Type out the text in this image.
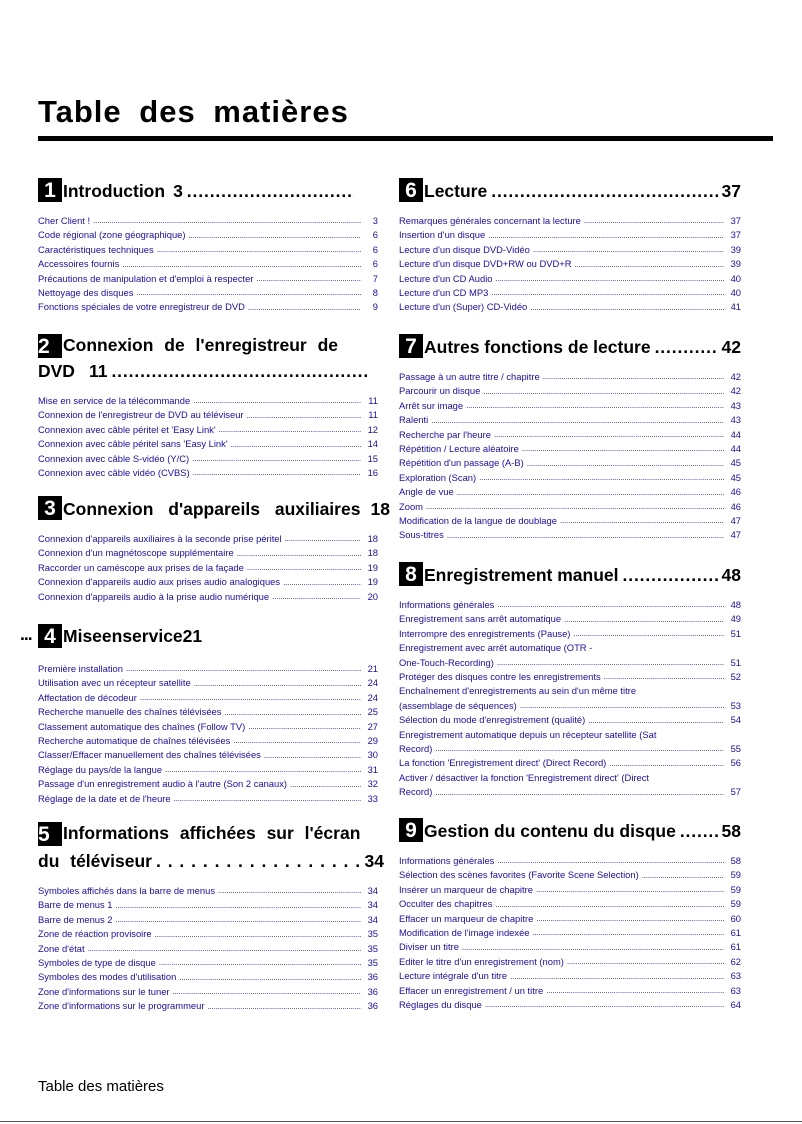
Table des matières
1 Introduction 3
. . .
Cher Client ! . . .	3
Code régional (zone géographique) . . .	6
Caractéristiques techniques . . .	6
Accessoires fournis . . .	6
Précautions de manipulation et d'emploi à respecter . . .	7
Nettoyage des disques . . .	8
Fonctions spéciales de votre enregistreur de DVD . . .	9
2 Connexion de l'enregistreur de
DVD 11
. . .
Mise en service de la télécommande . . .	11
Connexion de l'enregistreur de DVD au téléviseur . . .	11
Connexion avec câble péritel et 'Easy Link' . . .	12
Connexion avec câble péritel sans 'Easy Link' . . .	14
Connexion avec câble S-vidéo (Y/C) . . .	15
Connexion avec câble vidéo (CVBS) . . .	16
3 Connexion d'appareils auxiliaires 18
Connexion d'appareils auxiliaires à la seconde prise péritel . . .	18
Connexion d'un magnétoscope supplémentaire . . .	18
Raccorder un caméscope aux prises de la façade . . .	19
Connexion d'appareils audio aux prises audio analogiques . . .	19
Connexion d'appareils audio à la prise audio numérique . . .	20
... 4 Miseenservice21
Première installation . . .	21
Utilisation avec un récepteur satellite . . .	24
Affectation de décodeur . . .	24
Recherche manuelle des chaînes télévisées . . .	25
Classement automatique des chaînes (Follow TV) . . .	27
Recherche automatique de chaînes télévisées . . .	29
Classer/Effacer manuellement des chaînes télévisées . . .	30
Réglage du pays/de la langue . . .	31
Passage d'un enregistrement audio à l'autre (Son 2 canaux) . . .	32
Réglage de la date et de l'heure . . .	33
5 Informations affichées sur l'écran
du téléviseur . . .	34
Symboles affichés dans la barre de menus . . .	34
Barre de menus 1 . . .	34
Barre de menus 2 . . .	34
Zone de réaction provisoire . . .	35
Zone d'état . . .	35
Symboles de type de disque . . .	35
Symboles des modes d'utilisation . . .	36
Zone d'informations sur le tuner . . .	36
Zone d'informations sur le programmeur . . .	36
6 Lecture . . .	37
Remarques générales concernant la lecture . . .	37
Insertion d'un disque . . .	37
Lecture d'un disque DVD-Vidéo . . .	39
Lecture d'un disque DVD+RW ou DVD+R . . .	39
Lecture d'un CD Audio . . .	40
Lecture d'un CD MP3 . . .	40
Lecture d'un (Super) CD-Vidéo . . .	41
7 Autres fonctions de lecture . . .	42
Passage à un autre titre / chapitre . . .	42
Parcourir un disque . . .	42
Arrêt sur image . . .	43
Ralenti . . .	43
Recherche par l'heure . . .	44
Répétition / Lecture aléatoire . . .	44
Répétition d'un passage (A-B) . . .	45
Exploration (Scan) . . .	45
Angle de vue . . .	46
Zoom . . .	46
Modification de la langue de doublage . . .	47
Sous-titres . . .	47
8 Enregistrement manuel . . .	48
Informations générales . . .	48
Enregistrement sans arrêt automatique . . .	49
Interrompre des enregistrements (Pause) . . .	51
Enregistrement avec arrêt automatique (OTR -
One-Touch-Recording) . . .	51
Protéger des disques contre les enregistrements . . .	52
Enchaînement d'enregistrements au sein d'un même titre
(assemblage de séquences) . . .	53
Sélection du mode d'enregistrement (qualité) . . .	54
Enregistrement automatique depuis un récepteur satellite (Sat
Record) . . .	55
La fonction 'Enregistrement direct' (Direct Record) . . .	56
Activer / désactiver la fonction 'Enregistrement direct' (Direct
Record) . . .	57
9 Gestion du contenu du disque . . .	58
Informations générales . . .	58
Sélection des scènes favorites (Favorite Scene Selection) . . .	59
Insérer un marqueur de chapitre . . .	59
Occulter des chapitres . . .	59
Effacer un marqueur de chapitre . . .	60
Modification de l'image indexée . . .	61
Diviser un titre . . .	61
Editer le titre d'un enregistrement (nom) . . .	62
Lecture intégrale d'un titre . . .	63
Effacer un enregistrement / un titre . . .	63
Réglages du disque . . .	64
Table des matières
